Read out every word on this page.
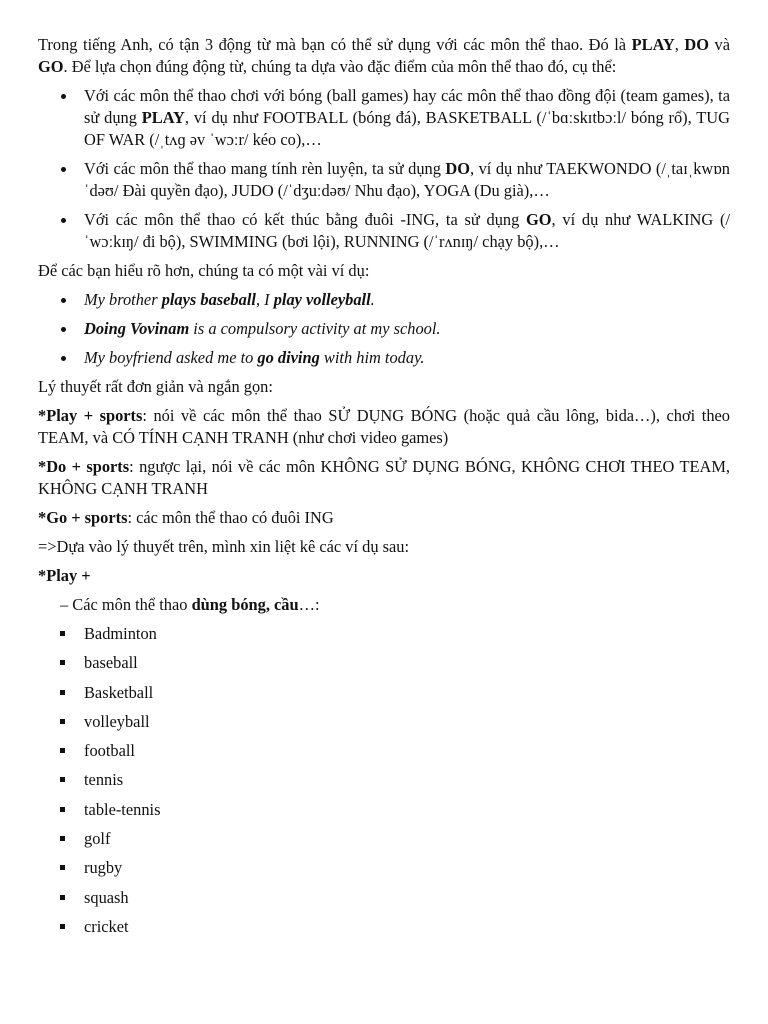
Trong tiếng Anh, có tận 3 động từ mà bạn có thể sử dụng với các môn thể thao. Đó là PLAY, DO và GO. Để lựa chọn đúng động từ, chúng ta dựa vào đặc điểm của môn thể thao đó, cụ thể:

Với các môn thể thao chơi với bóng (ball games) hay các môn thể thao đồng đội (team games), ta sử dụng PLAY, ví dụ như FOOTBALL (bóng đá), BASKETBALL (/ˈbɑːskɪtbɔːl/ bóng rổ), TUG OF WAR (/ˌtʌɡ əv ˈwɔːr/ kéo co),…
Với các môn thể thao mang tính rèn luyện, ta sử dụng DO, ví dụ như TAEKWONDO (/ˌtaɪˌkwɒnˈdəʊ/ Đài quyền đạo), JUDO (/ˈdʒuːdəʊ/ Nhu đạo), YOGA (Du già),…
Với các môn thể thao có kết thúc bằng đuôi -ING, ta sử dụng GO, ví dụ như WALKING (/ˈwɔːkɪŋ/ đi bộ), SWIMMING (bơi lội), RUNNING (/ˈrʌnɪŋ/ chạy bộ),…

Để các bạn hiểu rõ hơn, chúng ta có một vài ví dụ:

My brother plays baseball, I play volleyball.
Doing Vovinam is a compulsory activity at my school.
My boyfriend asked me to go diving with him today.

Lý thuyết rất đơn giản và ngắn gọn:

*Play + sports: nói về các môn thể thao SỬ DỤNG BÓNG (hoặc quả cầu lông, bida…), chơi theo TEAM, và CÓ TÍNH CẠNH TRANH (như chơi video games)

*Do + sports: ngược lại, nói về các môn KHÔNG SỬ DỤNG BÓNG, KHÔNG CHƠI THEO TEAM, KHÔNG CẠNH TRANH

*Go + sports: các môn thể thao có đuôi ING

=>Dựa vào lý thuyết trên, mình xin liệt kê các ví dụ sau:

*Play +

– Các môn thể thao dùng bóng, cầu…:

Badminton
baseball
Basketball
volleyball
football
tennis
table-tennis
golf
rugby
squash
cricket
